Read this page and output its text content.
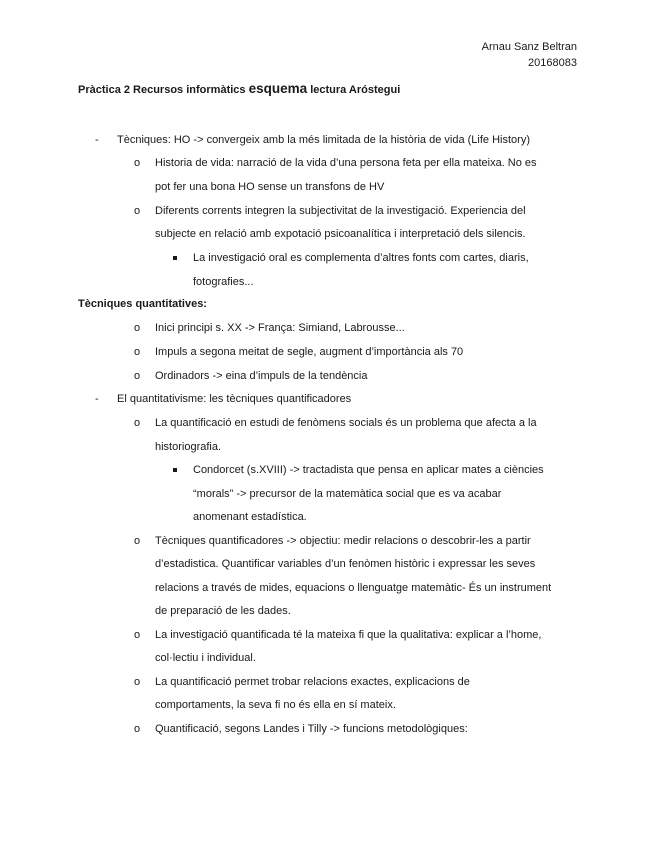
Arnau Sanz Beltran
20168083
Pràctica 2 Recursos informàtics esquema lectura Aróstegui
- Tècniques: HO -> convergeix amb la més limitada de la història de vida (Life History)
o Historia de vida: narració de la vida d’una persona feta per ella mateixa. No es
pot fer una bona HO sense un transfons de HV
o Diferents corrents integren la subjectivitat de la investigació. Experiencia del
subjecte en relació amb expotació psicoanalítica i interpretació dels silencis.
La investigació oral es complementa d’altres fonts com cartes, diaris,
fotografies...
Tècniques quantitatives:
o Inici principi s. XX -> França: Simiand, Labrousse...
o Impuls a segona meitat de segle, augment d’importància als 70
o Ordinadors -> eina d’impuls de la tendència
- El quantitativisme: les tècniques quantificadores
o La quantificació en estudi de fenòmens socials és un problema que afecta a la
historiografia.
Condorcet (s.XVIII) -> tractadista que pensa en aplicar mates a ciències
“morals” -> precursor de la matemàtica social que es va acabar
anomenant estadística.
o Tècniques quantificadores -> objectiu: medir relacions o descobrir-les a partir
d’estadistica. Quantificar variables d’un fenòmen històric i expressar les seves
relacions a través de mides, equacions o llenguatge matemàtic- És un instrument
de preparació de les dades.
o La investigació quantificada té la mateixa fi que la qualitativa: explicar a l’home,
col·lectiu i individual.
o La quantificació permet trobar relacions exactes, explicacions de
comportaments, la seva fi no és ella en sí mateix.
o Quantificació, segons Landes i Tilly -> funcions metodològiques:
